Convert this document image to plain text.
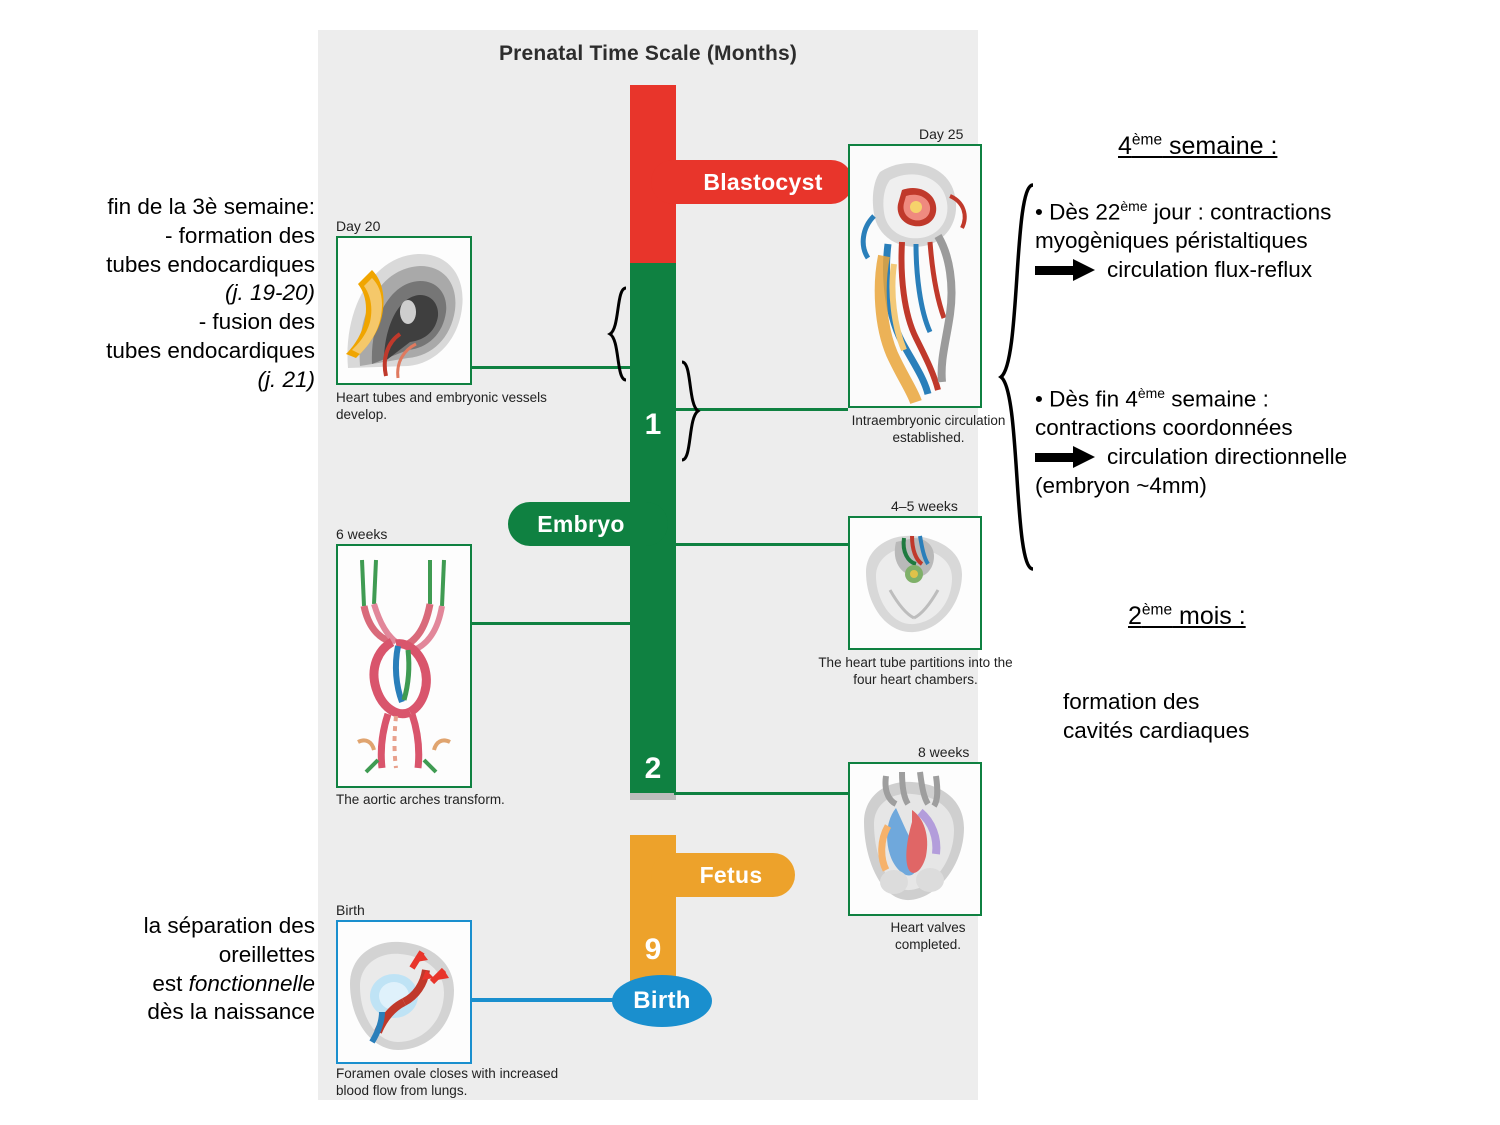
fin de la 3è semaine:
- formation des
tubes endocardiques
(j. 19-20)
- fusion des
tubes endocardiques
(j. 21)
la séparation des
oreillettes
est fonctionnelle
dès la naissance
Prenatal Time Scale (Months)
1
2
9
Blastocyst
Embryo
Fetus
Birth
Day 20
Heart tubes and embryonic vessels develop.
Day 25
Intraembryonic circulation established.
4–5 weeks
The heart tube partitions into the four heart chambers.
6 weeks
The aortic arches transform.
8 weeks
Heart valves completed.
Birth
Foramen ovale closes with increased blood flow from lungs.
4ème semaine :
• Dès 22ème jour : contractions
myogèniques péristaltiques
circulation flux-reflux
• Dès fin 4ème semaine :
contractions coordonnées
circulation directionnelle
(embryon ~4mm)
2ème mois :
formation des
cavités cardiaques
